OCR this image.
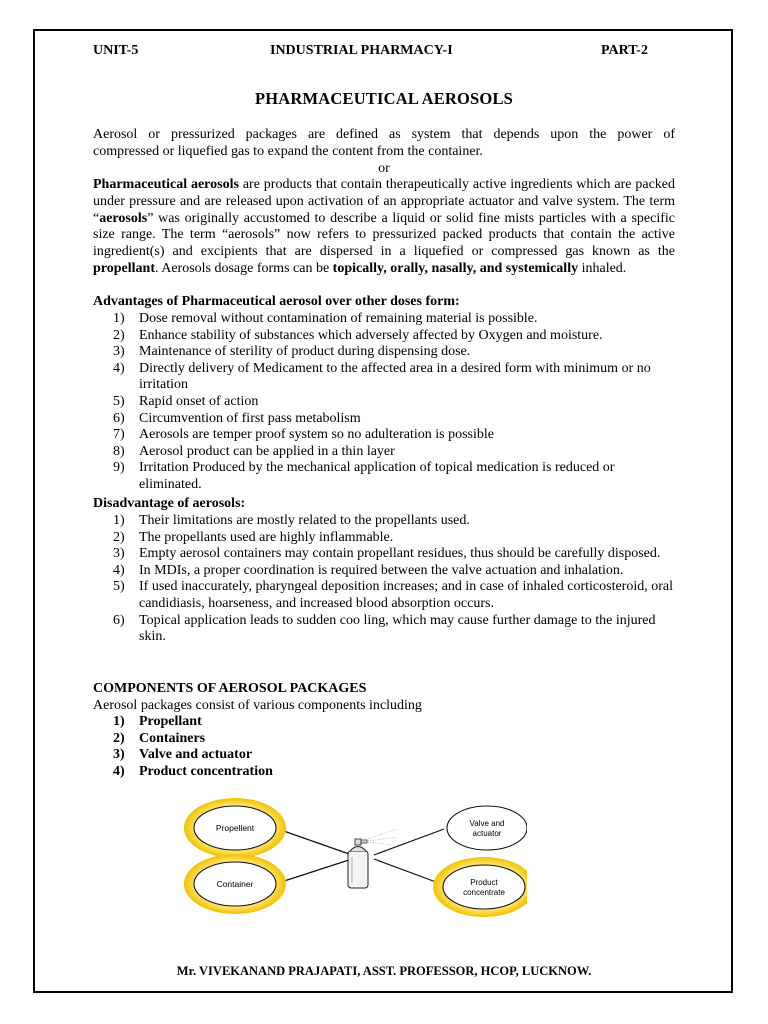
UNIT-5	INDUSTRIAL PHARMACY-I	PART-2
PHARMACEUTICAL AEROSOLS
Aerosol or pressurized packages are defined as system that depends upon the power of
compressed or liquefied gas to expand the content from the container.
or
Pharmaceutical aerosols are products that contain therapeutically active ingredients which are packed under pressure and are released upon activation of an appropriate actuator and valve system. The term “aerosols” was originally accustomed to describe a liquid or solid fine mists particles with a specific size range. The term “aerosols” now refers to pressurized packed products that contain the active ingredient(s) and excipients that are dispersed in a liquefied or compressed gas known as the propellant. Aerosols dosage forms can be topically, orally, nasally, and systemically inhaled.
Advantages of Pharmaceutical aerosol over other doses form:
1) Dose removal without contamination of remaining material is possible.
2) Enhance stability of substances which adversely affected by Oxygen and moisture.
3) Maintenance of sterility of product during dispensing dose.
4) Directly delivery of Medicament to the affected area in a desired form with minimum or no irritation
5) Rapid onset of action
6) Circumvention of first pass metabolism
7) Aerosols are temper proof system so no adulteration is possible
8) Aerosol product can be applied in a thin layer
9) Irritation Produced by the mechanical application of topical medication is reduced or eliminated.
Disadvantage of aerosols:
1) Their limitations are mostly related to the propellants used.
2) The propellants used are highly inflammable.
3) Empty aerosol containers may contain propellant residues, thus should be carefully disposed.
4) In MDIs, a proper coordination is required between the valve actuation and inhalation.
5) If used inaccurately, pharyngeal deposition increases; and in case of inhaled corticosteroid, oral candidiasis, hoarseness, and increased blood absorption occurs.
6) Topical application leads to sudden coo ling, which may cause further damage to the injured skin.
COMPONENTS OF AEROSOL PACKAGES
Aerosol packages consist of various components including
1) Propellant
2) Containers
3) Valve and actuator
4) Product concentration
Propellent
Container
Valve and
actuator
Product
concentrate
Mr. VIVEKANAND PRAJAPATI, ASST. PROFESSOR, HCOP, LUCKNOW.
